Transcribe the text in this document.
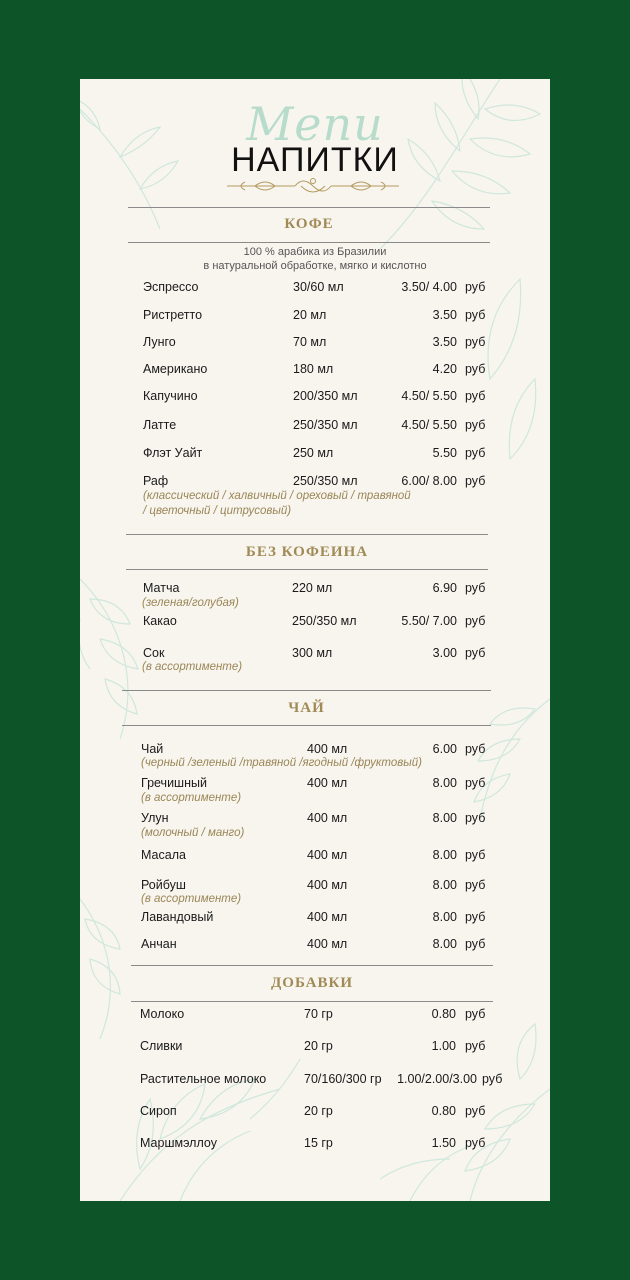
Menu
НАПИТКИ
КОФЕ
100 % арабика из Бразилии
в натуральной обработке, мягко и кислотно
Эспрессо	30/60 мл	3.50/ 4.00 руб
Ристретто	20 мл	3.50 руб
Лунго	70 мл	3.50 руб
Американо	180 мл	4.20 руб
Капучино	200/350 мл	4.50/ 5.50 руб
Латте	250/350 мл	4.50/ 5.50 руб
Флэт Уайт	250 мл	5.50 руб
Раф	250/350 мл	6.00/ 8.00 руб
(классический / халвичный / ореховый / травяной
/ цветочный / цитрусовый)
БЕЗ КОФЕИНА
Матча	220 мл	6.90 руб
(зеленая/голубая)
Какао	250/350 мл	5.50/ 7.00 руб
Сок	300 мл	3.00 руб
(в ассортименте)
ЧАЙ
Чай	400 мл	6.00 руб
(черный /зеленый /травяной /ягодный /фруктовый)
Гречишный	400 мл	8.00 руб
(в ассортименте)
Улун	400 мл	8.00 руб
(молочный / манго)
Масала	400 мл	8.00 руб
Ройбуш	400 мл	8.00 руб
(в ассортименте)
Лавандовый	400 мл	8.00 руб
Анчан	400 мл	8.00 руб
ДОБАВКИ
Молоко	70 гр	0.80 руб
Сливки	20 гр	1.00 руб
Растительное молоко	70/160/300 гр 1.00/2.00/3.00 руб
Сироп	20 гр	0.80 руб
Маршмэллоу	15 гр	1.50 руб
